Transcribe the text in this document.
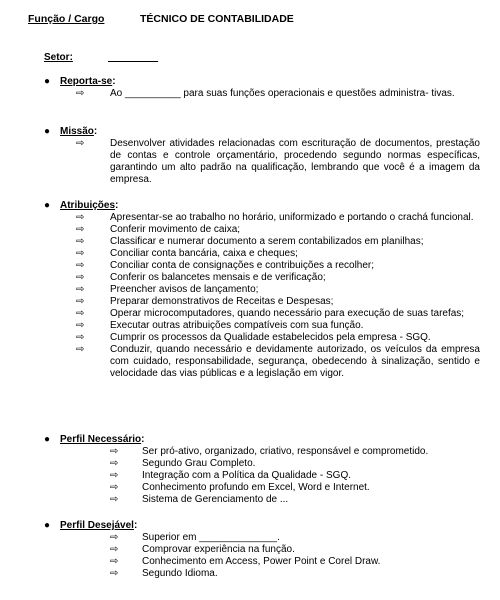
Função / Cargo	TÉCNICO DE CONTABILIDADE
Setor:	_________
● Reporta-se:
⇨	Ao __________ para suas funções operacionais e questões administra- tivas.
● Missão:
⇨	Desenvolver atividades relacionadas com escrituração de documentos, prestação de contas e controle orçamentário, procedendo segundo normas específicas, garantindo um alto padrão na qualificação, lembrando que você é a imagem da empresa.
● Atribuições:
⇨	Apresentar-se ao trabalho no horário, uniformizado e portando o crachá funcional.
⇨	Conferir movimento de caixa;
⇨	Classificar e numerar documento a serem contabilizados em planilhas;
⇨	Conciliar conta bancária, caixa e cheques;
⇨	Conciliar conta de consignações e contribuições a recolher;
⇨	Conferir os balancetes mensais e de verificação;
⇨	Preencher avisos de lançamento;
⇨	Preparar demonstrativos de Receitas e Despesas;
⇨	Operar microcomputadores, quando necessário para execução de suas tarefas;
⇨	Executar outras atribuições compatíveis com sua função.
⇨	Cumprir os processos da Qualidade estabelecidos pela empresa - SGQ.
⇨	Conduzir, quando necessário e devidamente autorizado, os veículos da empresa com cuidado, responsabilidade, segurança, obedecendo à sinalização, sentido e velocidade das vias públicas e a legislação em vigor.
● Perfil Necessário:
⇨ Ser pró-ativo, organizado, criativo, responsável e comprometido.
⇨ Segundo Grau Completo.
⇨ Integração com a Política da Qualidade - SGQ.
⇨ Conhecimento profundo em Excel, Word e Internet.
⇨ Sistema de Gerenciamento de ...
● Perfil Desejável:
⇨ Superior em ______________.
⇨ Comprovar experiência na função.
⇨ Conhecimento em Access, Power Point e Corel Draw.
⇨ Segundo Idioma.
